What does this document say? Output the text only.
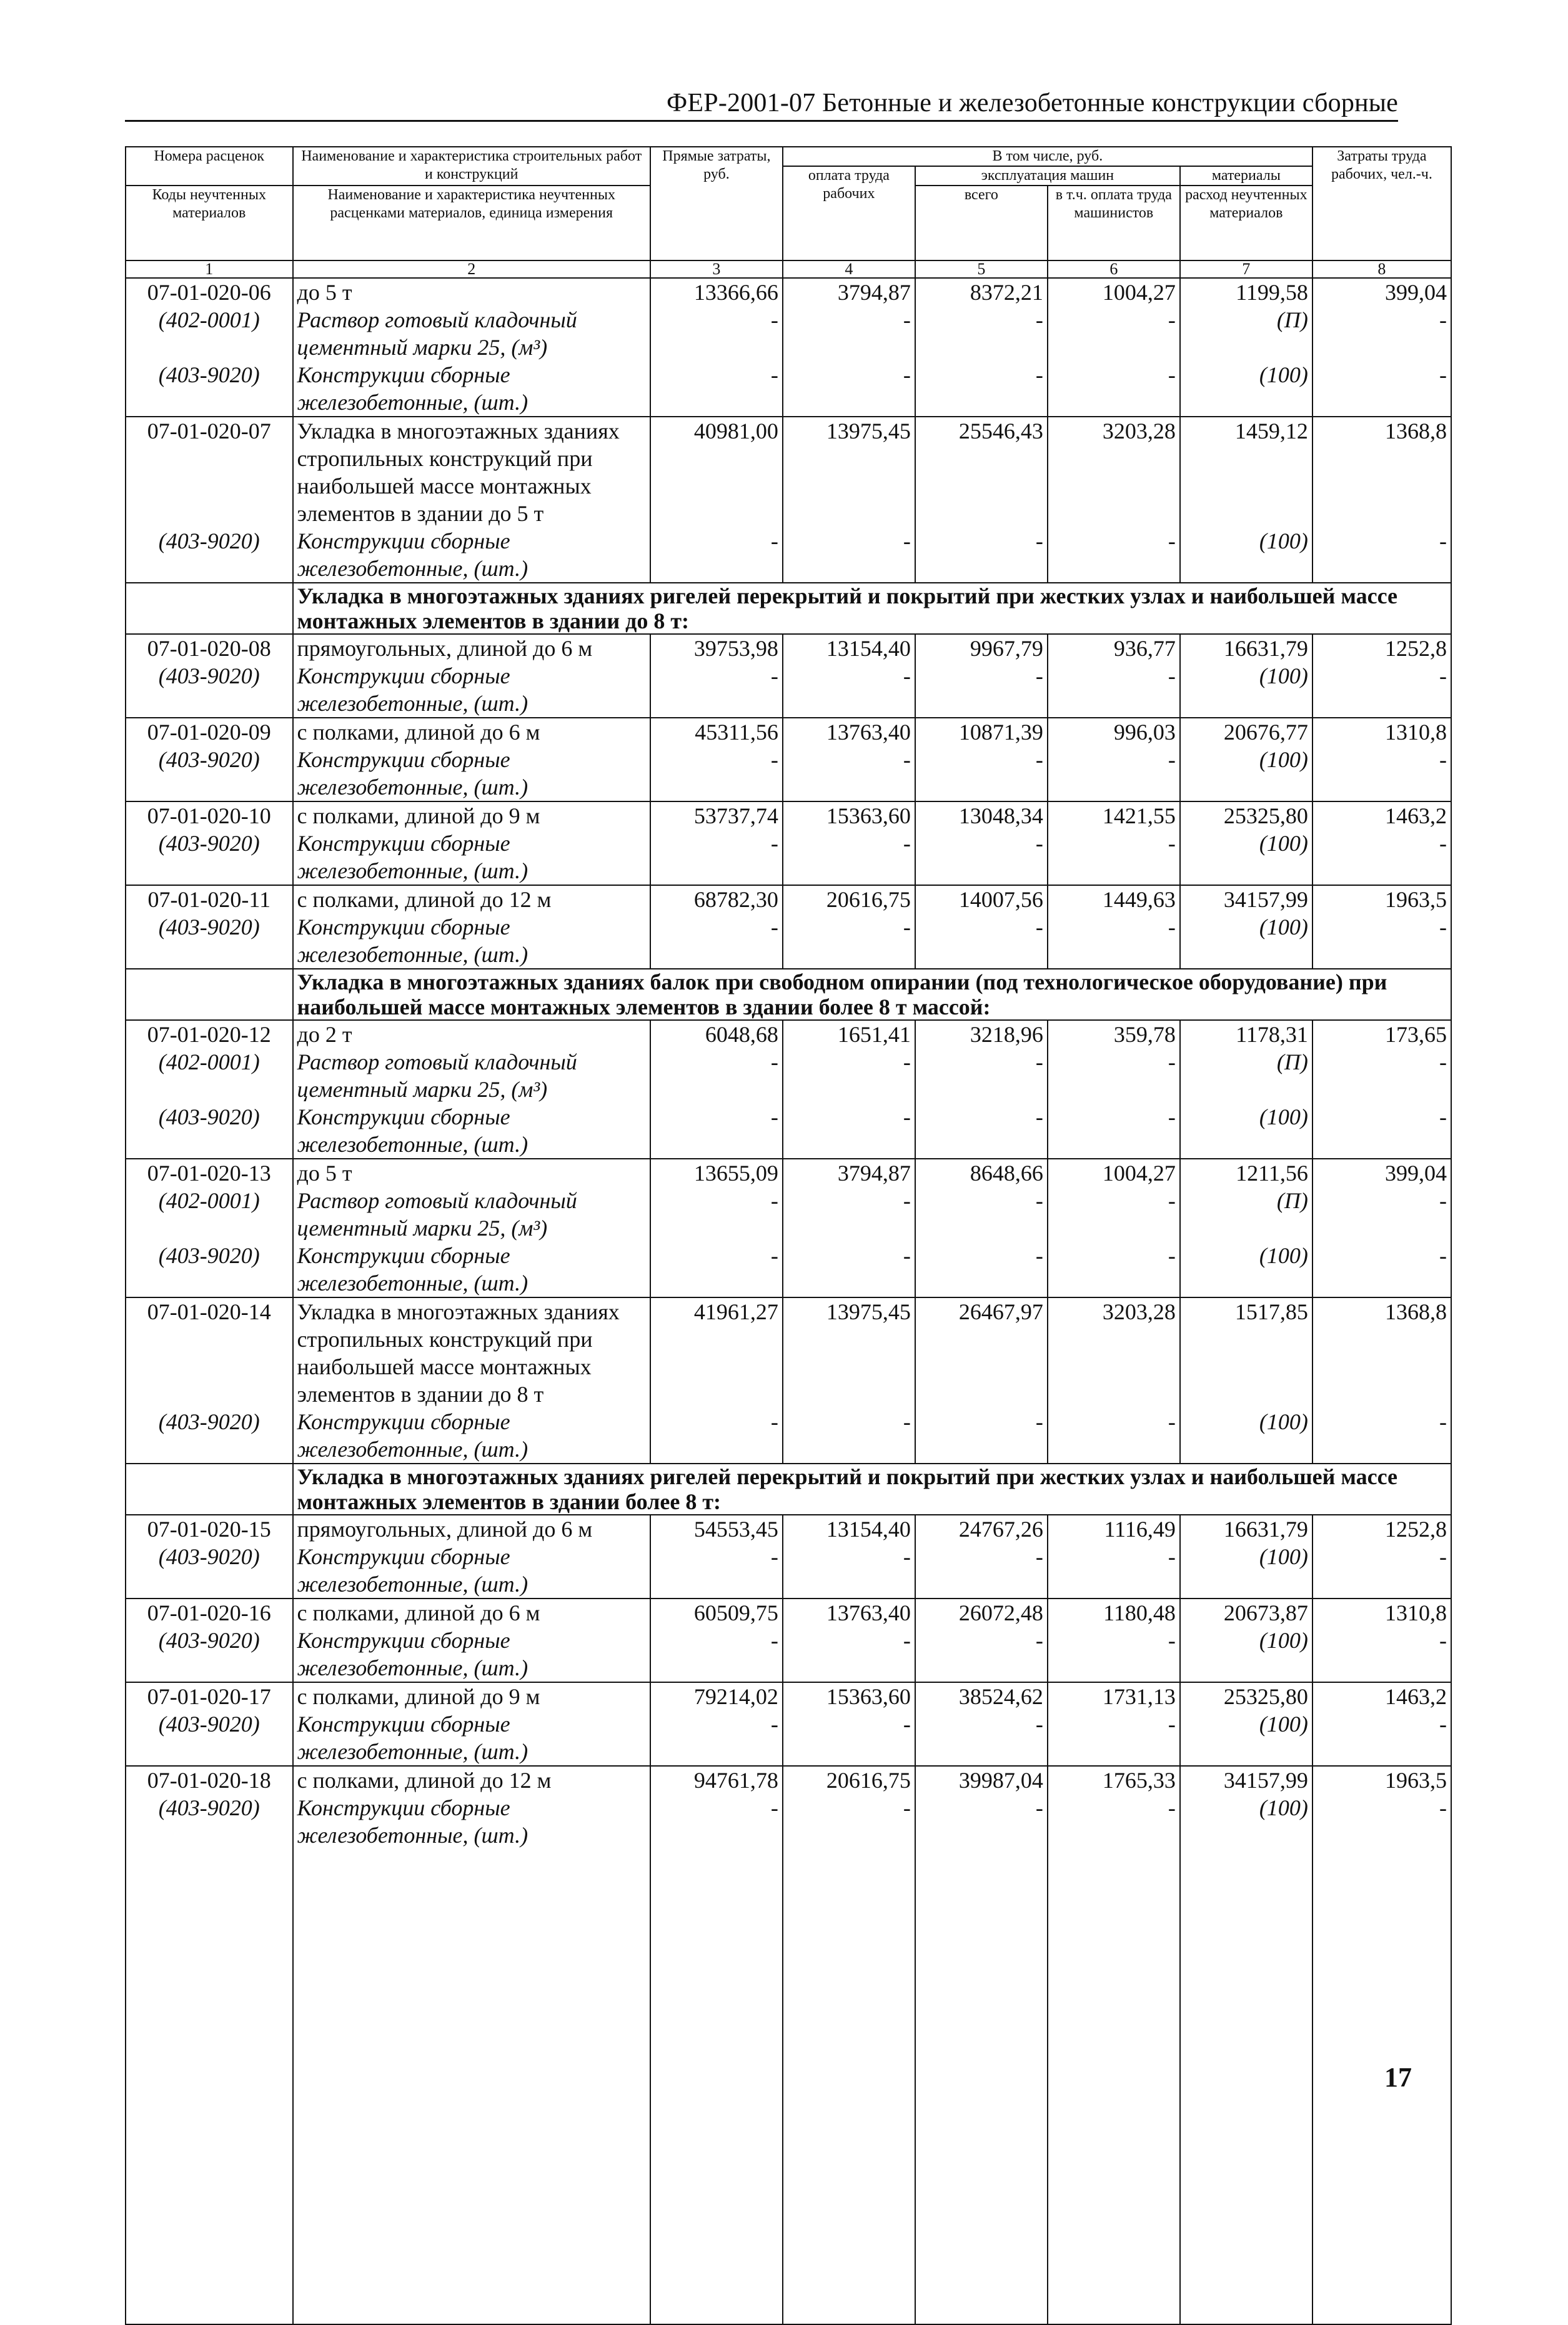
ФЕР-2001-07 Бетонные и железобетонные конструкции сборные
Номера расценок	Наименование и характеристика строительных работ и конструкций	Прямые затраты, руб.	В том числе, руб.				Затраты труда рабочих, чел.-ч.
			оплата труда рабочих	эксплуатация машин		материалы	
Коды неучтенных материалов	Наименование и характеристика неучтенных расценками материалов, единица измерения			всего	в т.ч. оплата труда машинистов	расход неучтенных материалов	

1	2	3	4	5	6	7	8
07-01-020-06	до 5 т	13366,66	3794,87	8372,21	1004,27	1199,58	399,04
(402-0001)	Раствор готовый кладочный	-	-	-	-	(П)	-
	цементный марки 25, (м³)						
(403-9020)	Конструкции сборные	-	-	-	-	(100)	-
	железобетонные, (шт.)						
07-01-020-07	Укладка в многоэтажных зданиях	40981,00	13975,45	25546,43	3203,28	1459,12	1368,8
	стропильных конструкций при						
	наибольшей массе монтажных						
	элементов в здании до 5 т						
(403-9020)	Конструкции сборные	-	-	-	-	(100)	-
	железобетонные, (шт.)						
	Укладка в многоэтажных зданиях ригелей перекрытий и покрытий при жестких узлах и наибольшей массе монтажных элементов в здании до 8 т:						
07-01-020-08	прямоугольных, длиной до 6 м	39753,98	13154,40	9967,79	936,77	16631,79	1252,8
(403-9020)	Конструкции сборные	-	-	-	-	(100)	-
	железобетонные, (шт.)						
07-01-020-09	с полками, длиной до 6 м	45311,56	13763,40	10871,39	996,03	20676,77	1310,8
(403-9020)	Конструкции сборные	-	-	-	-	(100)	-
	железобетонные, (шт.)						
07-01-020-10	с полками, длиной до 9 м	53737,74	15363,60	13048,34	1421,55	25325,80	1463,2
(403-9020)	Конструкции сборные	-	-	-	-	(100)	-
	железобетонные, (шт.)						
07-01-020-11	с полками, длиной до 12 м	68782,30	20616,75	14007,56	1449,63	34157,99	1963,5
(403-9020)	Конструкции сборные	-	-	-	-	(100)	-
	железобетонные, (шт.)						
	Укладка в многоэтажных зданиях балок при свободном опирании (под технологическое оборудование) при наибольшей массе монтажных элементов в здании более 8 т массой:						
07-01-020-12	до 2 т	6048,68	1651,41	3218,96	359,78	1178,31	173,65
(402-0001)	Раствор готовый кладочный	-	-	-	-	(П)	-
	цементный марки 25, (м³)						
(403-9020)	Конструкции сборные	-	-	-	-	(100)	-
	железобетонные, (шт.)						
07-01-020-13	до 5 т	13655,09	3794,87	8648,66	1004,27	1211,56	399,04
(402-0001)	Раствор готовый кладочный	-	-	-	-	(П)	-
	цементный марки 25, (м³)						
(403-9020)	Конструкции сборные	-	-	-	-	(100)	-
	железобетонные, (шт.)						
07-01-020-14	Укладка в многоэтажных зданиях	41961,27	13975,45	26467,97	3203,28	1517,85	1368,8
	стропильных конструкций при						
	наибольшей массе монтажных						
	элементов в здании до 8 т						
(403-9020)	Конструкции сборные	-	-	-	-	(100)	-
	железобетонные, (шт.)						
	Укладка в многоэтажных зданиях ригелей перекрытий и покрытий при жестких узлах и наибольшей массе монтажных элементов в здании более 8 т:						
07-01-020-15	прямоугольных, длиной до 6 м	54553,45	13154,40	24767,26	1116,49	16631,79	1252,8
(403-9020)	Конструкции сборные	-	-	-	-	(100)	-
	железобетонные, (шт.)						
07-01-020-16	с полками, длиной до 6 м	60509,75	13763,40	26072,48	1180,48	20673,87	1310,8
(403-9020)	Конструкции сборные	-	-	-	-	(100)	-
	железобетонные, (шт.)						
07-01-020-17	с полками, длиной до 9 м	79214,02	15363,60	38524,62	1731,13	25325,80	1463,2
(403-9020)	Конструкции сборные	-	-	-	-	(100)	-
	железобетонные, (шт.)						
07-01-020-18	с полками, длиной до 12 м	94761,78	20616,75	39987,04	1765,33	34157,99	1963,5
(403-9020)	Конструкции сборные	-	-	-	-	(100)	-
	железобетонные, (шт.)						

17
